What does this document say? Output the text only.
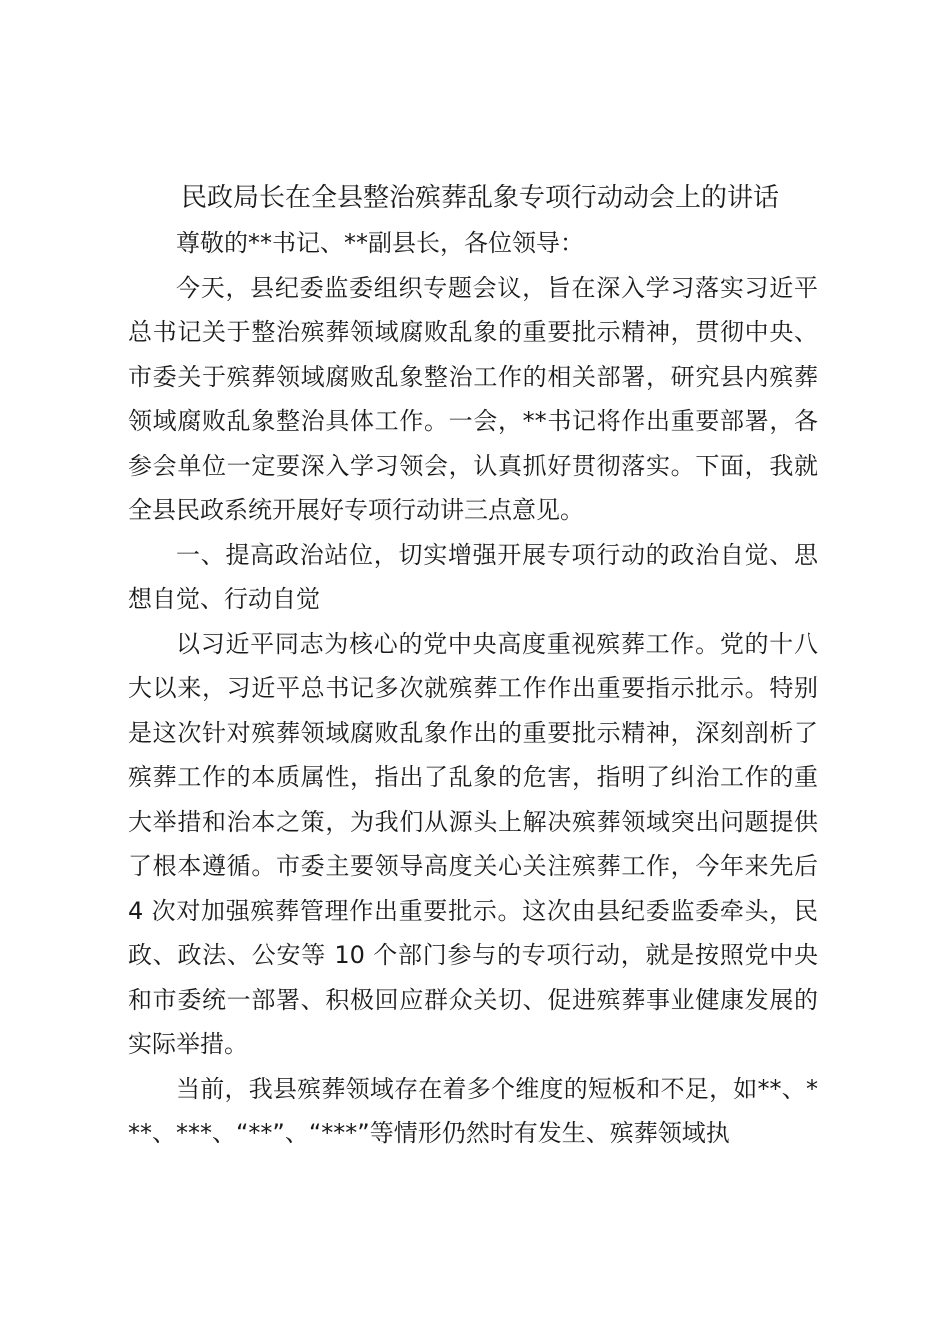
民政局长在全县整治殡葬乱象专项行动动会上的讲话

尊敬的**书记、**副县长，各位领导：

今天，县纪委监委组织专题会议，旨在深入学习落实习近平总书记关于整治殡葬领域腐败乱象的重要批示精神，贯彻中央、市委关于殡葬领域腐败乱象整治工作的相关部署，研究县内殡葬领域腐败乱象整治具体工作。一会，**书记将作出重要部署，各参会单位一定要深入学习领会，认真抓好贯彻落实。下面，我就全县民政系统开展好专项行动讲三点意见。

一、提高政治站位，切实增强开展专项行动的政治自觉、思想自觉、行动自觉

以习近平同志为核心的党中央高度重视殡葬工作。党的十八大以来，习近平总书记多次就殡葬工作作出重要指示批示。特别是这次针对殡葬领域腐败乱象作出的重要批示精神，深刻剖析了殡葬工作的本质属性，指出了乱象的危害，指明了纠治工作的重大举措和治本之策，为我们从源头上解决殡葬领域突出问题提供了根本遵循。市委主要领导高度关心关注殡葬工作，今年来先后 4 次对加强殡葬管理作出重要批示。这次由县纪委监委牵头，民政、政法、公安等 10 个部门参与的专项行动，就是按照党中央和市委统一部署、积极回应群众关切、促进殡葬事业健康发展的实际举措。

当前，我县殡葬领域存在着多个维度的短板和不足，如**、***、***、“**”、“***”等情形仍然时有发生、殡葬领域执
